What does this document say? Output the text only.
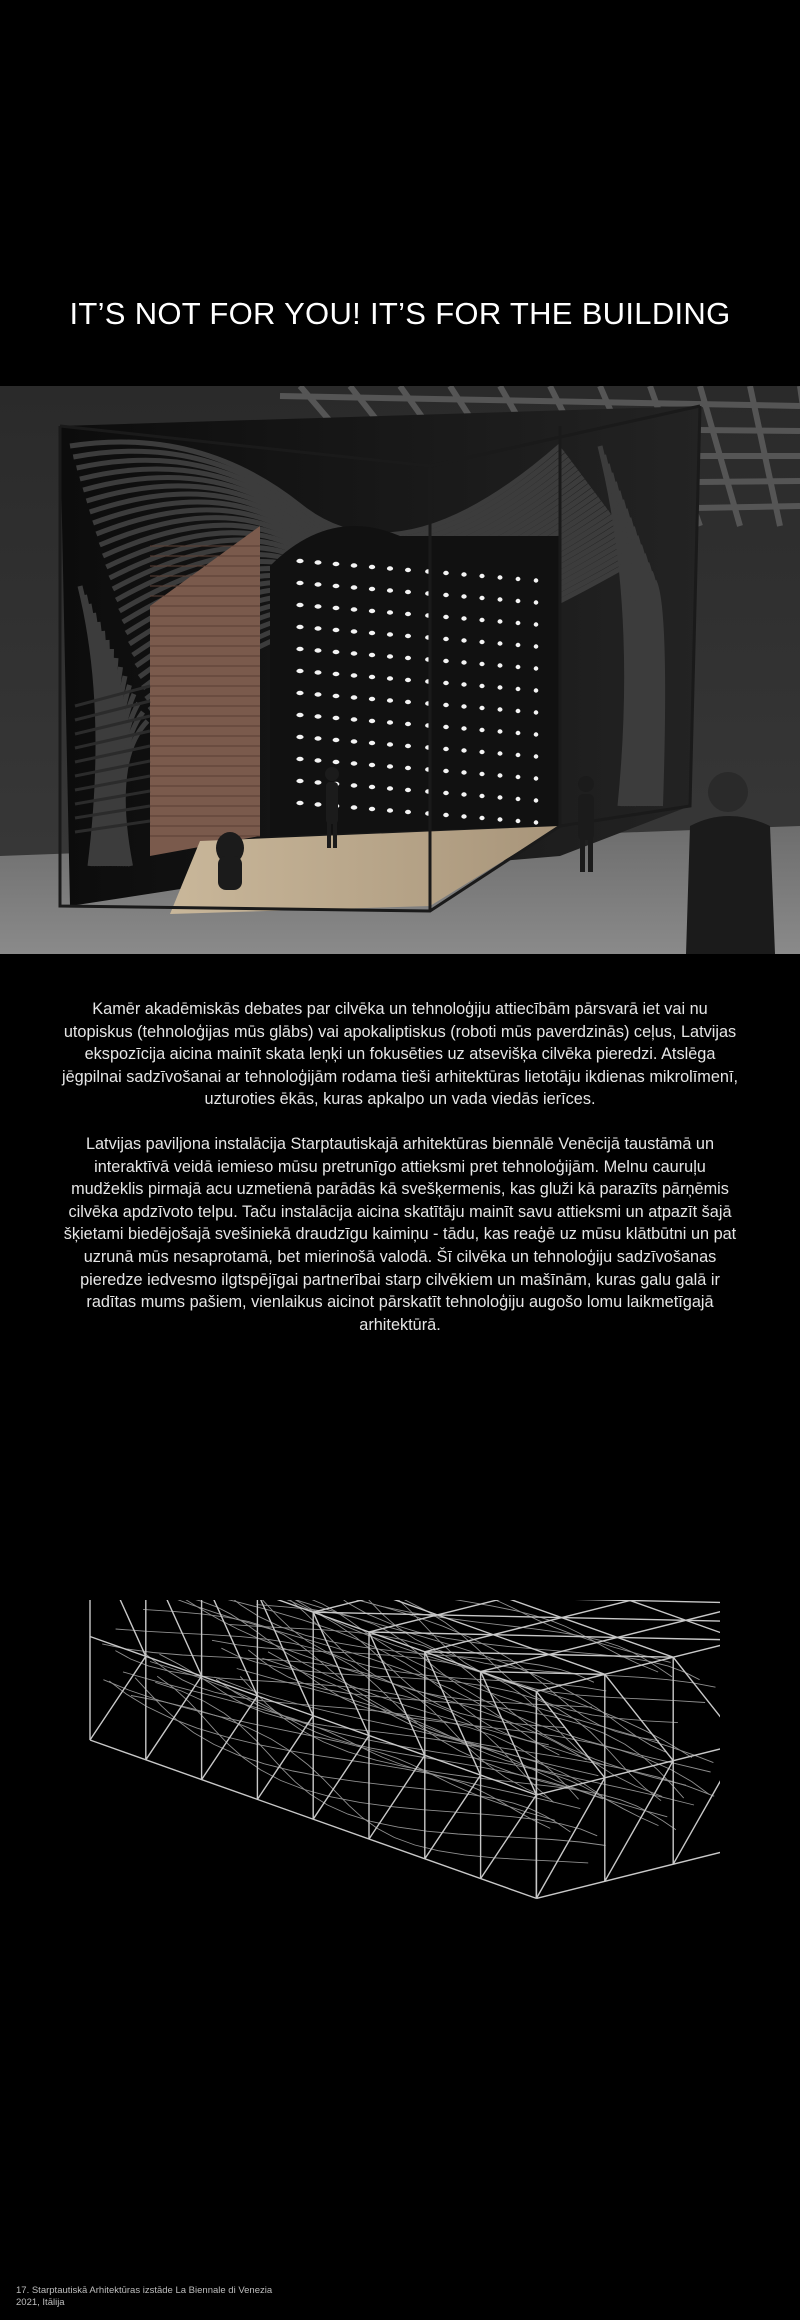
IT’S NOT FOR YOU! IT’S FOR THE BUILDING

Kamēr akadēmiskās debates par cilvēka un tehnoloģiju attiecībām pārsvarā iet vai nu utopiskus (tehnoloģijas mūs glābs) vai apokaliptiskus (roboti mūs paverdzinās) ceļus, Latvijas ekspozīcija aicina mainīt skata leņķi un fokusēties uz atsevišķa cilvēka pieredzi. Atslēga jēgpilnai sadzīvošanai ar tehnoloģijām rodama tieši arhitektūras lietotāju ikdienas mikrolīmenī, uzturoties ēkās, kuras apkalpo un vada viedās ierīces.

Latvijas paviljona instalācija Starptautiskajā arhitektūras biennālē Venēcijā taustāmā un interaktīvā veidā iemieso mūsu pretrunīgo attieksmi pret tehnoloģijām. Melnu cauruļu mudžeklis pirmajā acu uzmetienā parādās kā svešķermenis, kas gluži kā parazīts pārņēmis cilvēka apdzīvoto telpu. Taču instalācija aicina skatītāju mainīt savu attieksmi un atpazīt šajā šķietami biedējošajā svešiniekā draudzīgu kaimiņu - tādu, kas reaģē uz mūsu klātbūtni un pat uzrunā mūs nesaprotamā, bet mierinošā valodā. Šī cilvēka un tehnoloģiju sadzīvošanas pieredze iedvesmo ilgtspējīgai partnerībai starp cilvēkiem un mašīnām, kuras galu galā ir radītas mums pašiem, vienlaikus aicinot pārskatīt tehnoloģiju augošo lomu laikmetīgajā arhitektūrā.

17. Starptautiskā Arhitektūras izstāde La Biennale di Venezia
2021, Itālija
